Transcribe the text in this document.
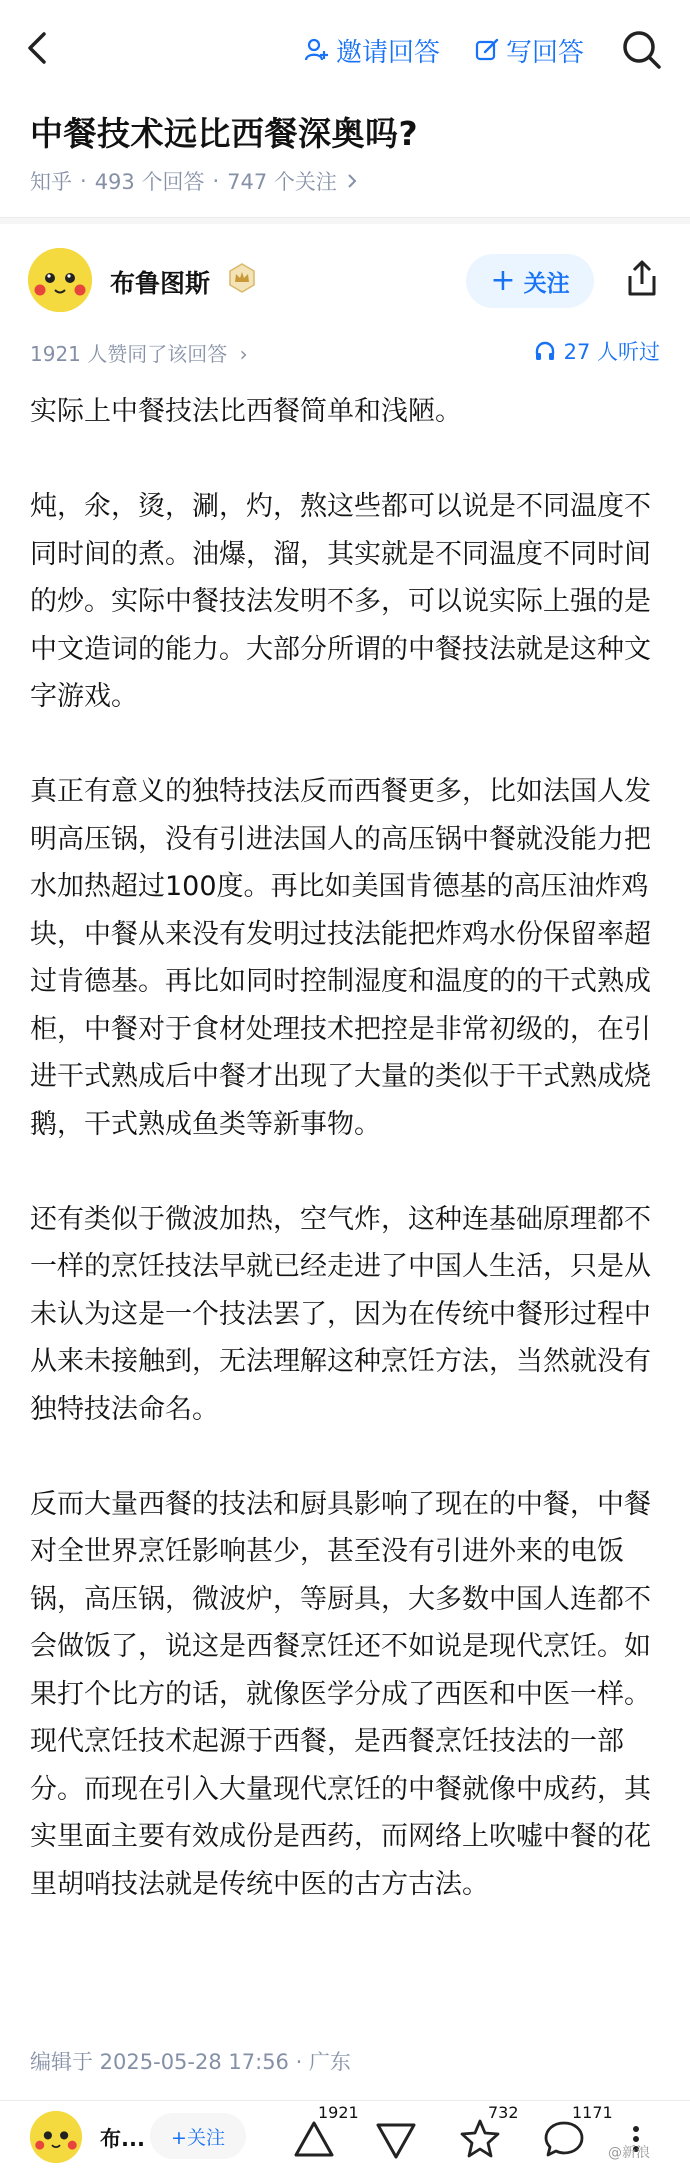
邀请回答	写回答
中餐技术远比西餐深奥吗?
知乎 · 493 个回答 · 747 个关注
布鲁图斯	+ 关注
1921 人赞同了该回答 ›	27 人听过

实际上中餐技法比西餐简单和浅陋。

炖，氽，烫，涮，灼，熬这些都可以说是不同温度不同时间的煮。油爆，溜，其实就是不同温度不同时间的炒。实际中餐技法发明不多，可以说实际上强的是中文造词的能力。大部分所谓的中餐技法就是这种文字游戏。

真正有意义的独特技法反而西餐更多，比如法国人发明高压锅，没有引进法国人的高压锅中餐就没能力把水加热超过100度。再比如美国肯德基的高压油炸鸡块，中餐从来没有发明过技法能把炸鸡水份保留率超过肯德基。再比如同时控制湿度和温度的的干式熟成柜，中餐对于食材处理技术把控是非常初级的，在引进干式熟成后中餐才出现了大量的类似于干式熟成烧鹅，干式熟成鱼类等新事物。

还有类似于微波加热，空气炸，这种连基础原理都不一样的烹饪技法早就已经走进了中国人生活，只是从未认为这是一个技法罢了，因为在传统中餐形过程中从来未接触到，无法理解这种烹饪方法，当然就没有独特技法命名。

反而大量西餐的技法和厨具影响了现在的中餐，中餐对全世界烹饪影响甚少，甚至没有引进外来的电饭锅，高压锅，微波炉，等厨具，大多数中国人连都不会做饭了，说这是西餐烹饪还不如说是现代烹饪。如果打个比方的话，就像医学分成了西医和中医一样。现代烹饪技术起源于西餐，是西餐烹饪技法的一部分。而现在引入大量现代烹饪的中餐就像中成药，其实里面主要有效成份是西药，而网络上吹嘘中餐的花里胡哨技法就是传统中医的古方古法。

编辑于 2025-05-28 17:56 · 广东
布...	+关注
1921	732	1171
@新浪
